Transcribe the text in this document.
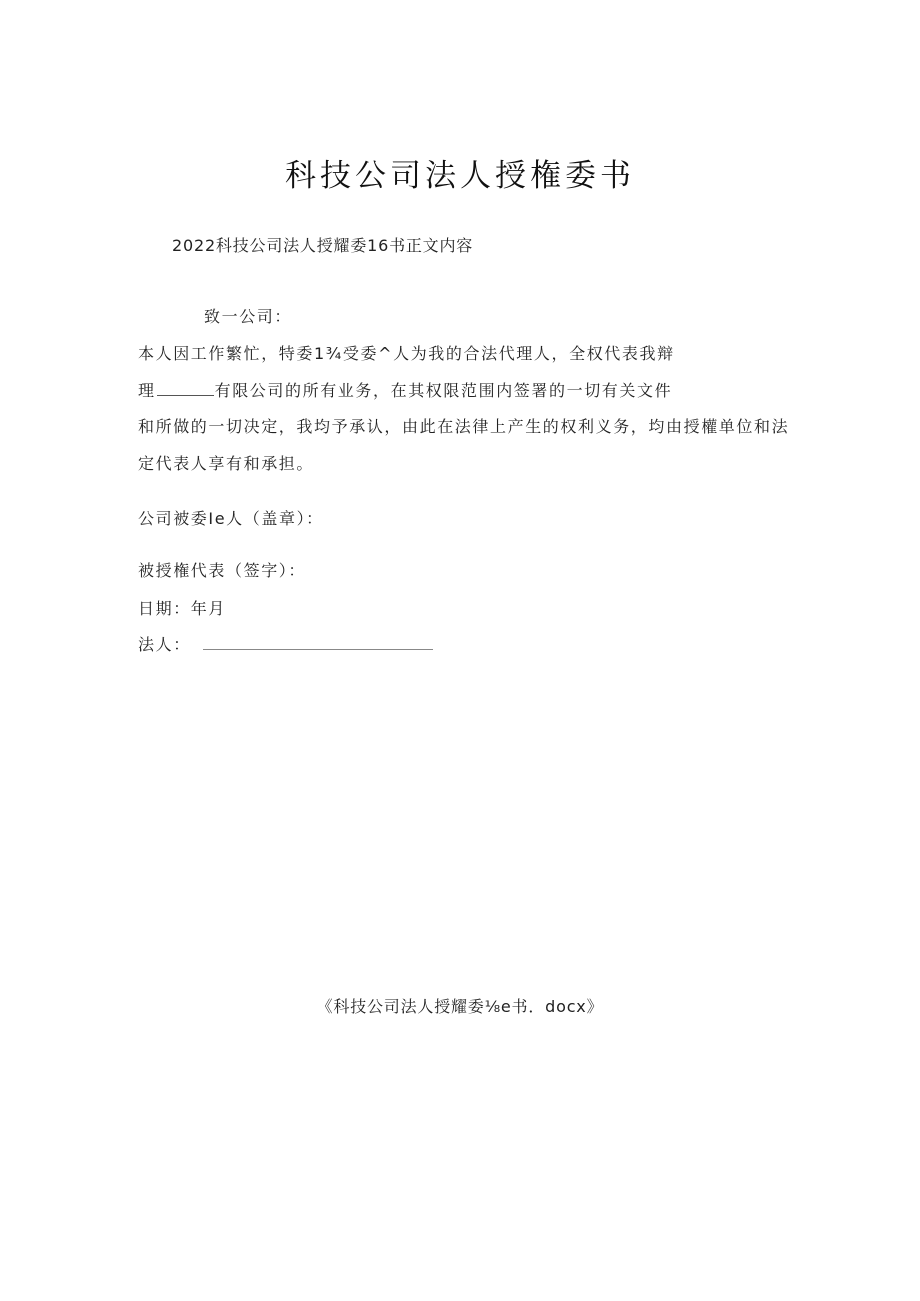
科技公司法人授権委书
2022科技公司法人授耀委16书正文内容
致一公司：
本人因工作繁忙，特委1¾受委^人为我的合法代理人，全权代表我辩
理	有限公司的所有业务，在其权限范围内签署的一切有关文件
和所做的一切决定，我均予承认，由此在法律上产生的权利义务，均由授權单位和法
定代表人享有和承担。
公司被委Ie人（盖章）：
被授権代表（签字）：
日期：年月
法人：
《科技公司法人授耀委⅛e书．docx》
